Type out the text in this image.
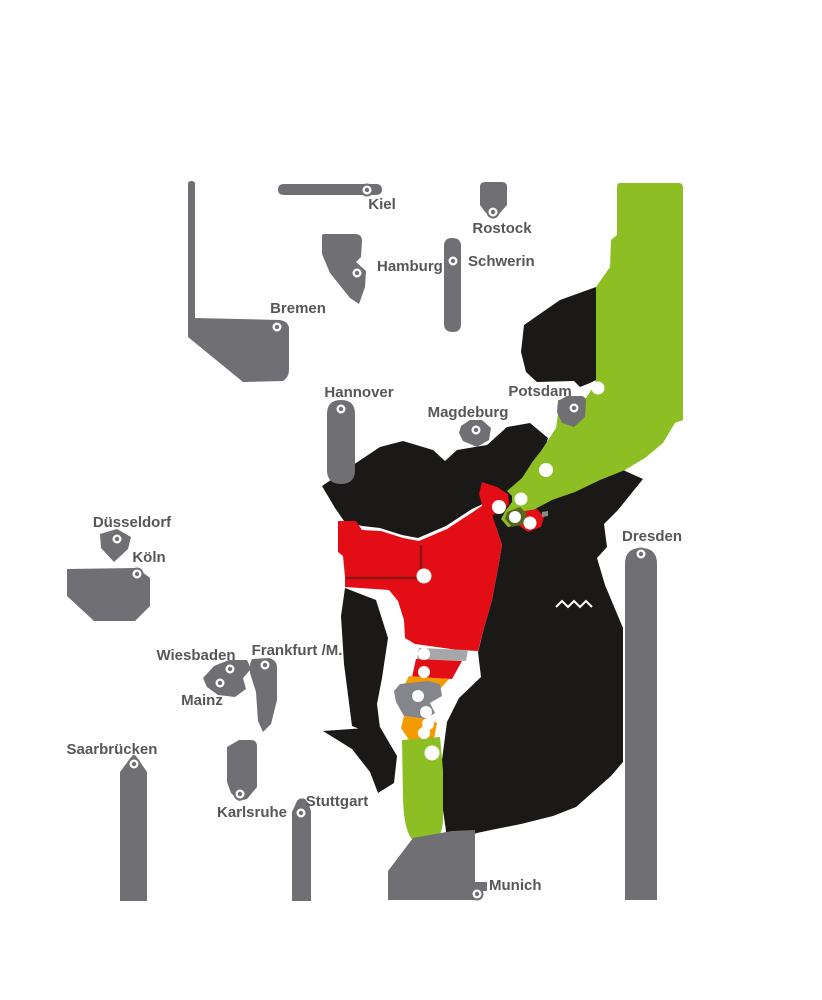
Kiel
Rostock
Hamburg Schwerin
Bremen
Hannover	Potsdam
Magdeburg
Düsseldorf
Köln
Dresden
Wiesbaden Frankfurt /M.
Mainz
Saarbrücken
Karlsruhe
Stuttgart
Munich
